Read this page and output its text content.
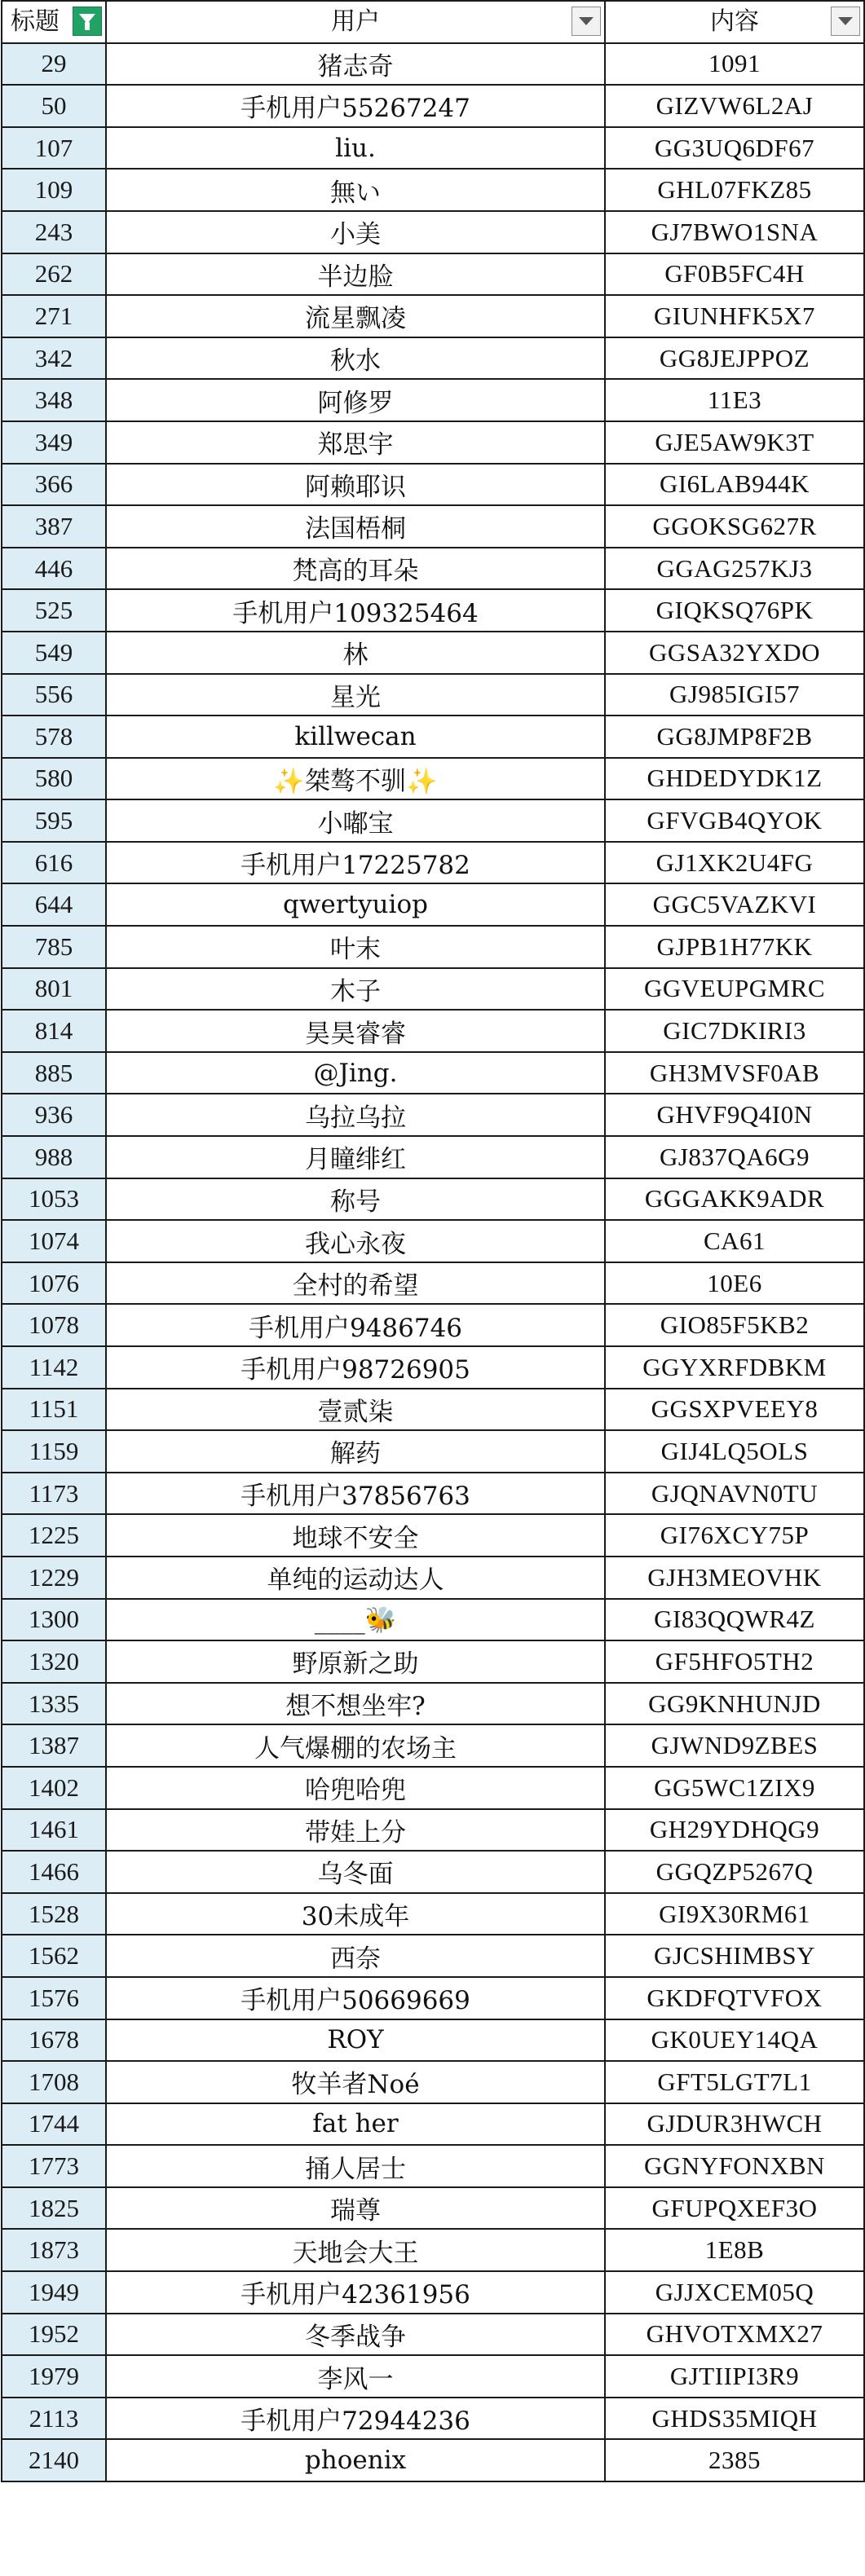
标题	用户	内容

29	猪志奇	1091
50	手机用户55267247	GIZVW6L2AJ
107	liu.	GG3UQ6DF67
109	無い	GHL07FKZ85
243	小美	GJ7BWO1SNA
262	半边脸	GF0B5FC4H
271	流星飘凌	GIUNHFK5X7
342	秋水	GG8JEJPPOZ
348	阿修罗	11E3
349	郑思宇	GJE5AW9K3T
366	阿赖耶识	GI6LAB944K
387	法国梧桐	GGOKSG627R
446	梵高的耳朵	GGAG257KJ3
525	手机用户109325464	GIQKSQ76PK
549	林	GGSA32YXDO
556	星光	GJ985IGI57
578	killwecan	GG8JMP8F2B
580	✨桀骜不驯✨	GHDEDYDK1Z
595	小嘟宝	GFVGB4QYOK
616	手机用户17225782	GJ1XK2U4FG
644	qwertyuiop	GGC5VAZKVI
785	叶末	GJPB1H77KK
801	木子	GGVEUPGMRC
814	昊昊睿睿	GIC7DKIRI3
885	@Jing.	GH3MVSF0AB
936	乌拉乌拉	GHVF9Q4I0N
988	月瞳绯红	GJ837QA6G9
1053	称号	GGGAKK9ADR
1074	我心永夜	CA61
1076	全村的希望	10E6
1078	手机用户9486746	GIO85F5KB2
1142	手机用户98726905	GGYXRFDBKM
1151	壹贰柒	GGSXPVEEY8
1159	解药	GIJ4LQ5OLS
1173	手机用户37856763	GJQNAVN0TU
1225	地球不安全	GI76XCY75P
1229	单纯的运动达人	GJH3MEOVHK
1300	____🐝	GI83QQWR4Z
1320	野原新之助	GF5HFO5TH2
1335	想不想坐牢?	GG9KNHUNJD
1387	人气爆棚的农场主	GJWND9ZBES
1402	哈兜哈兜	GG5WC1ZIX9
1461	带娃上分	GH29YDHQG9
1466	乌冬面	GGQZP5267Q
1528	30未成年	GI9X30RM61
1562	西奈	GJCSHIMBSY
1576	手机用户50669669	GKDFQTVFOX
1678	ROY	GK0UEY14QA
1708	牧羊者Noé	GFT5LGT7L1
1744	fat her	GJDUR3HWCH
1773	捅人居士	GGNYFONXBN
1825	瑞尊	GFUPQXEF3O
1873	天地会大王	1E8B
1949	手机用户42361956	GJJXCEM05Q
1952	冬季战争	GHVOTXMX27
1979	李风一	GJTIIPI3R9
2113	手机用户72944236	GHDS35MIQH
2140	phoenix	2385
